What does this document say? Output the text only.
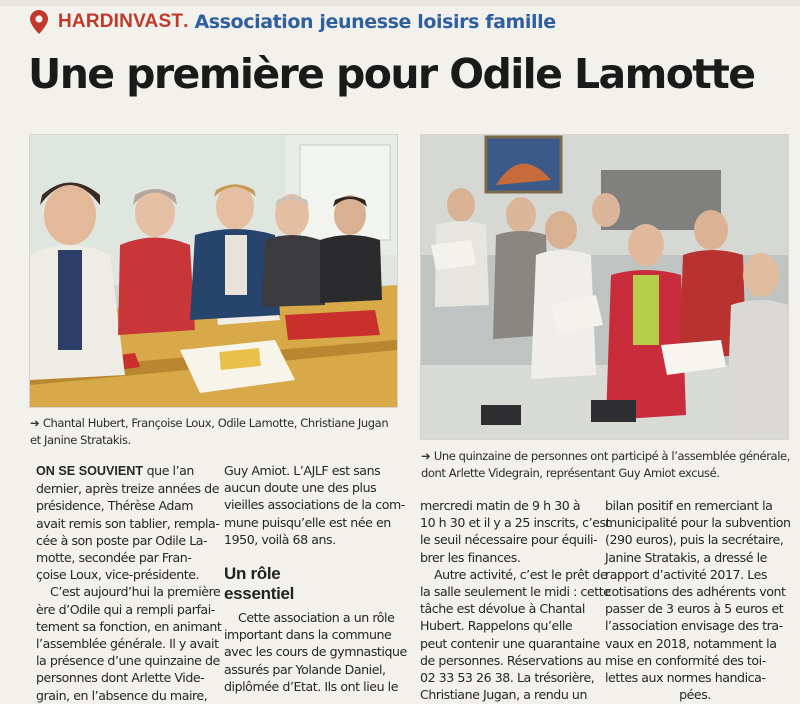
HARDINVAST . Association jeunesse loisirs famille
Une première pour Odile Lamotte
➔ Chantal Hubert, Françoise Loux, Odile Lamotte, Christiane Jugan
et Janine Stratakis.
➔ Une quinzaine de personnes ont participé à l’assemblée générale,
dont Arlette Videgrain, représentant Guy Amiot excusé.

ON SE SOUVIENT que l’an

dernier, après treize années de

présidence, Thérèse Adam

avait remis son tablier, rempla-

cée à son poste par Odile La-

motte, secondée par Fran-

çoise Loux, vice-présidente.

C’est aujourd’hui la première

ère d’Odile qui a rempli parfai-

tement sa fonction, en animant

l’assemblée générale. Il y avait

la présence d’une quinzaine de

personnes dont Arlette Vide-

grain, en l’absence du maire,

Guy Amiot. L’AJLF est sans

aucun doute une des plus

vieilles associations de la com-

mune puisqu’elle est née en

1950, voilà 68 ans.

Un rôle
essentiel

Cette association a un rôle

important dans la commune

avec les cours de gymnastique

assurés par Yolande Daniel,

diplômée d’Etat. Ils ont lieu le

mercredi matin de 9 h 30 à

10 h 30 et il y a 25 inscrits, c’est

le seuil nécessaire pour équili-

brer les finances.

Autre activité, c’est le prêt de

la salle seulement le midi : cette

tâche est dévolue à Chantal

Hubert. Rappelons qu’elle

peut contenir une quarantaine

de personnes. Réservations au

02 33 53 26 38. La trésorière,

Christiane Jugan, a rendu un

bilan positif en remerciant la

municipalité pour la subvention

(290 euros), puis la secrétaire,

Janine Stratakis, a dressé le

rapport d’activité 2017. Les

cotisations des adhérents vont

passer de 3 euros à 5 euros et

l’association envisage des tra-

vaux en 2018, notamment la

mise en conformité des toi-

lettes aux normes handica-

pées.
